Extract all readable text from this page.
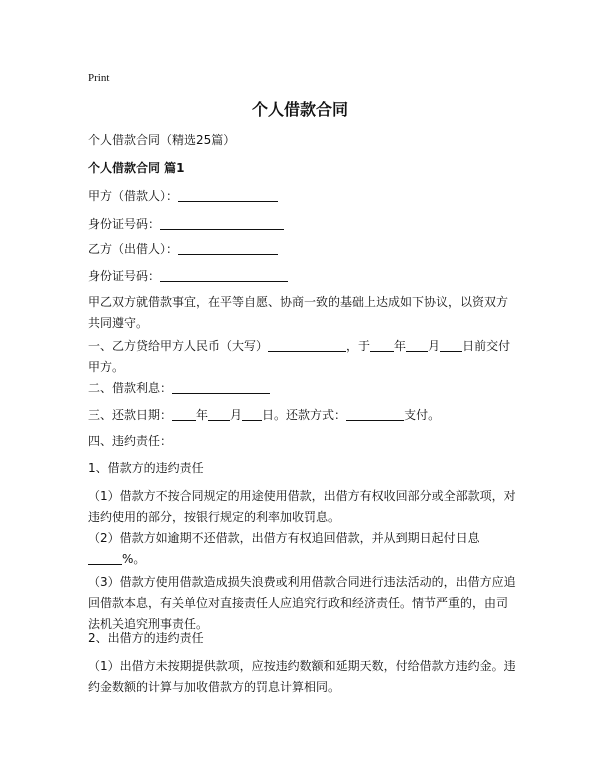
Print
个人借款合同
个人借款合同（精选25篇）
个人借款合同 篇1
甲方（借款人）：
身份证号码：
乙方（出借人）：
身份证号码：
甲乙双方就借款事宜，在平等自愿、协商一致的基础上达成如下协议，以资双方共同遵守。
一、乙方贷给甲方人民币（大写）	，于 年 月 日前交付
甲方。
二、借款利息：
三、还款日期： 年 月 日。还款方式：	支付。
四、违约责任：
1、借款方的违约责任
（1）借款方不按合同规定的用途使用借款，出借方有权收回部分或全部款项，对违约使用的部分，按银行规定的利率加收罚息。
（2）借款方如逾期不还借款，出借方有权追回借款，并从到期日起付日息
%。
（3）借款方使用借款造成损失浪费或利用借款合同进行违法活动的，出借方应追回借款本息，有关单位对直接责任人应追究行政和经济责任。情节严重的，由司法机关追究刑事责任。
2、出借方的违约责任
（1）出借方未按期提供款项，应按违约数额和延期天数，付给借款方违约金。违约金数额的计算与加收借款方的罚息计算相同。
